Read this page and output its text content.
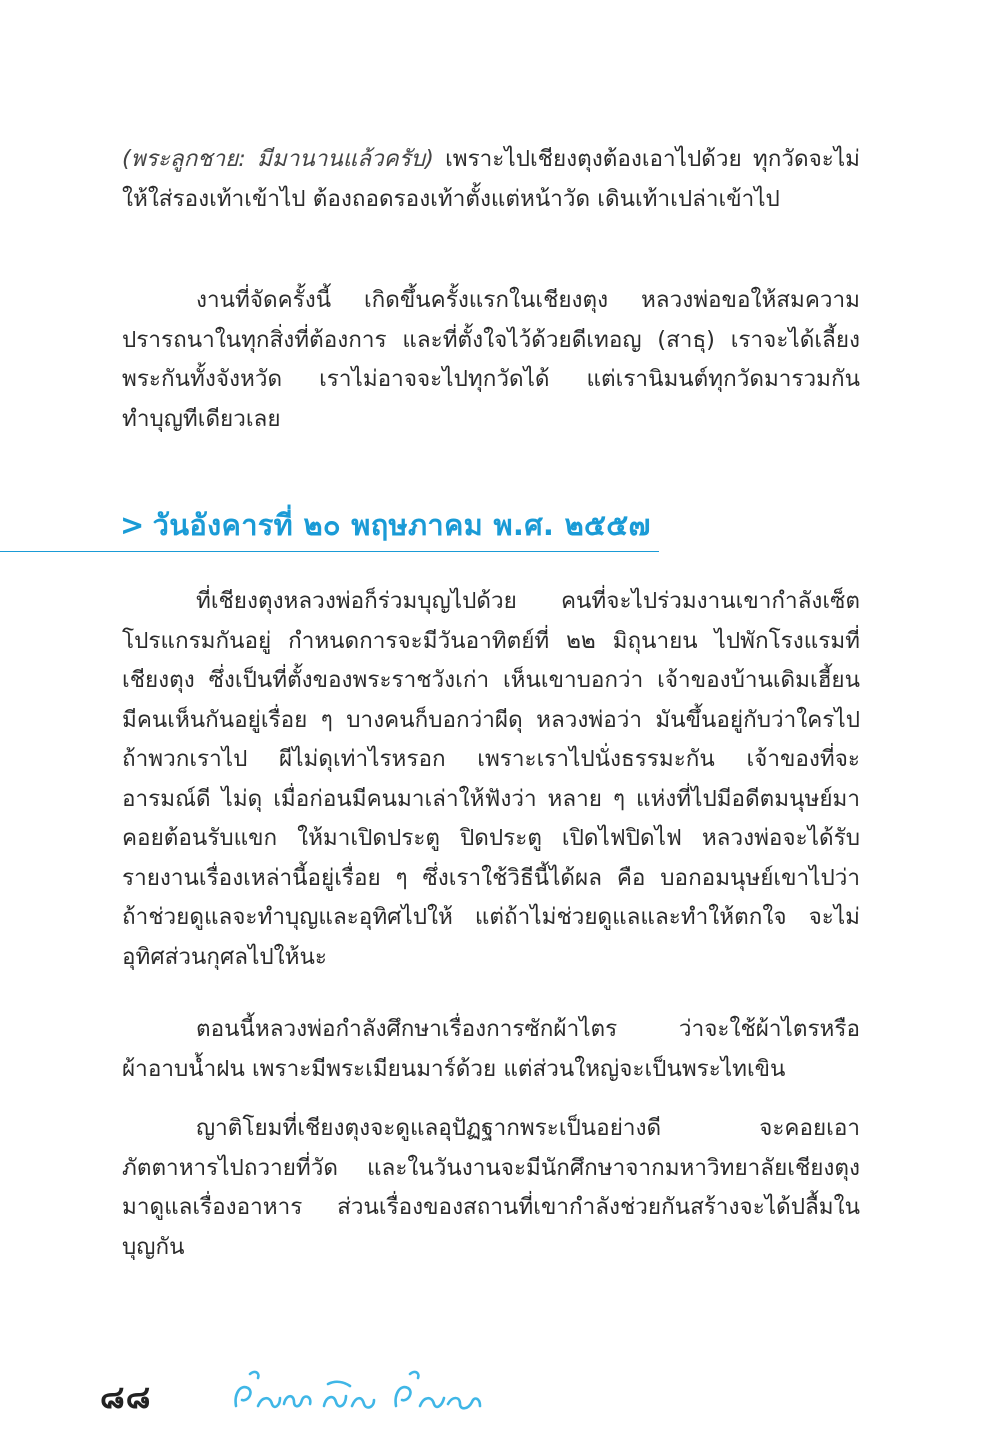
(พระลูกชาย: มีมานานแล้วครับ) เพราะไปเชียงตุงต้องเอาไปด้วย ทุกวัดจะไม่ให้ใส่รองเท้าเข้าไป ต้องถอดรองเท้าตั้งแต่หน้าวัด เดินเท้าเปล่าเข้าไป

งานที่จัดครั้งนี้ เกิดขึ้นครั้งแรกในเชียงตุง หลวงพ่อขอให้สมความปรารถนาในทุกสิ่งที่ต้องการ และที่ตั้งใจไว้ด้วยดีเทอญ (สาธุ) เราจะได้เลี้ยงพระกันทั้งจังหวัด เราไม่อาจจะไปทุกวัดได้ แต่เรานิมนต์ทุกวัดมารวมกัน ทำบุญทีเดียวเลย

> วันอังคารที่ ๒๐ พฤษภาคม พ.ศ. ๒๕๕๗

ที่เชียงตุงหลวงพ่อก็ร่วมบุญไปด้วย คนที่จะไปร่วมงานเขากำลังเซ็ตโปรแกรมกันอยู่ กำหนดการจะมีวันอาทิตย์ที่ ๒๒ มิถุนายน ไปพักโรงแรมที่เชียงตุง ซึ่งเป็นที่ตั้งของพระราชวังเก่า เห็นเขาบอกว่า เจ้าของบ้านเดิมเฮี้ยน มีคนเห็นกันอยู่เรื่อย ๆ บางคนก็บอกว่าผีดุ หลวงพ่อว่า มันขึ้นอยู่กับว่าใครไป ถ้าพวกเราไป ผีไม่ดุเท่าไรหรอก เพราะเราไปนั่งธรรมะกัน เจ้าของที่จะอารมณ์ดี ไม่ดุ เมื่อก่อนมีคนมาเล่าให้ฟังว่า หลาย ๆ แห่งที่ไปมีอดีตมนุษย์มาคอยต้อนรับแขก ให้มาเปิดประตู ปิดประตู เปิดไฟปิดไฟ หลวงพ่อจะได้รับรายงานเรื่องเหล่านี้อยู่เรื่อย ๆ ซึ่งเราใช้วิธีนี้ได้ผล คือ บอกอมนุษย์เขาไปว่า ถ้าช่วยดูแลจะทำบุญและอุทิศไปให้ แต่ถ้าไม่ช่วยดูแลและทำให้ตกใจ จะไม่อุทิศส่วนกุศลไปให้นะ

ตอนนี้หลวงพ่อกำลังศึกษาเรื่องการซักผ้าไตร ว่าจะใช้ผ้าไตรหรือผ้าอาบน้ำฝน เพราะมีพระเมียนมาร์ด้วย แต่ส่วนใหญ่จะเป็นพระไทเขิน

ญาติโยมที่เชียงตุงจะดูแลอุปัฏฐากพระเป็นอย่างดี จะคอยเอาภัตตาหารไปถวายที่วัด และในวันงานจะมีนักศึกษาจากมหาวิทยาลัยเชียงตุงมาดูแลเรื่องอาหาร ส่วนเรื่องของสถานที่เขากำลังช่วยกันสร้างจะได้ปลื้มในบุญกัน

๘๘
